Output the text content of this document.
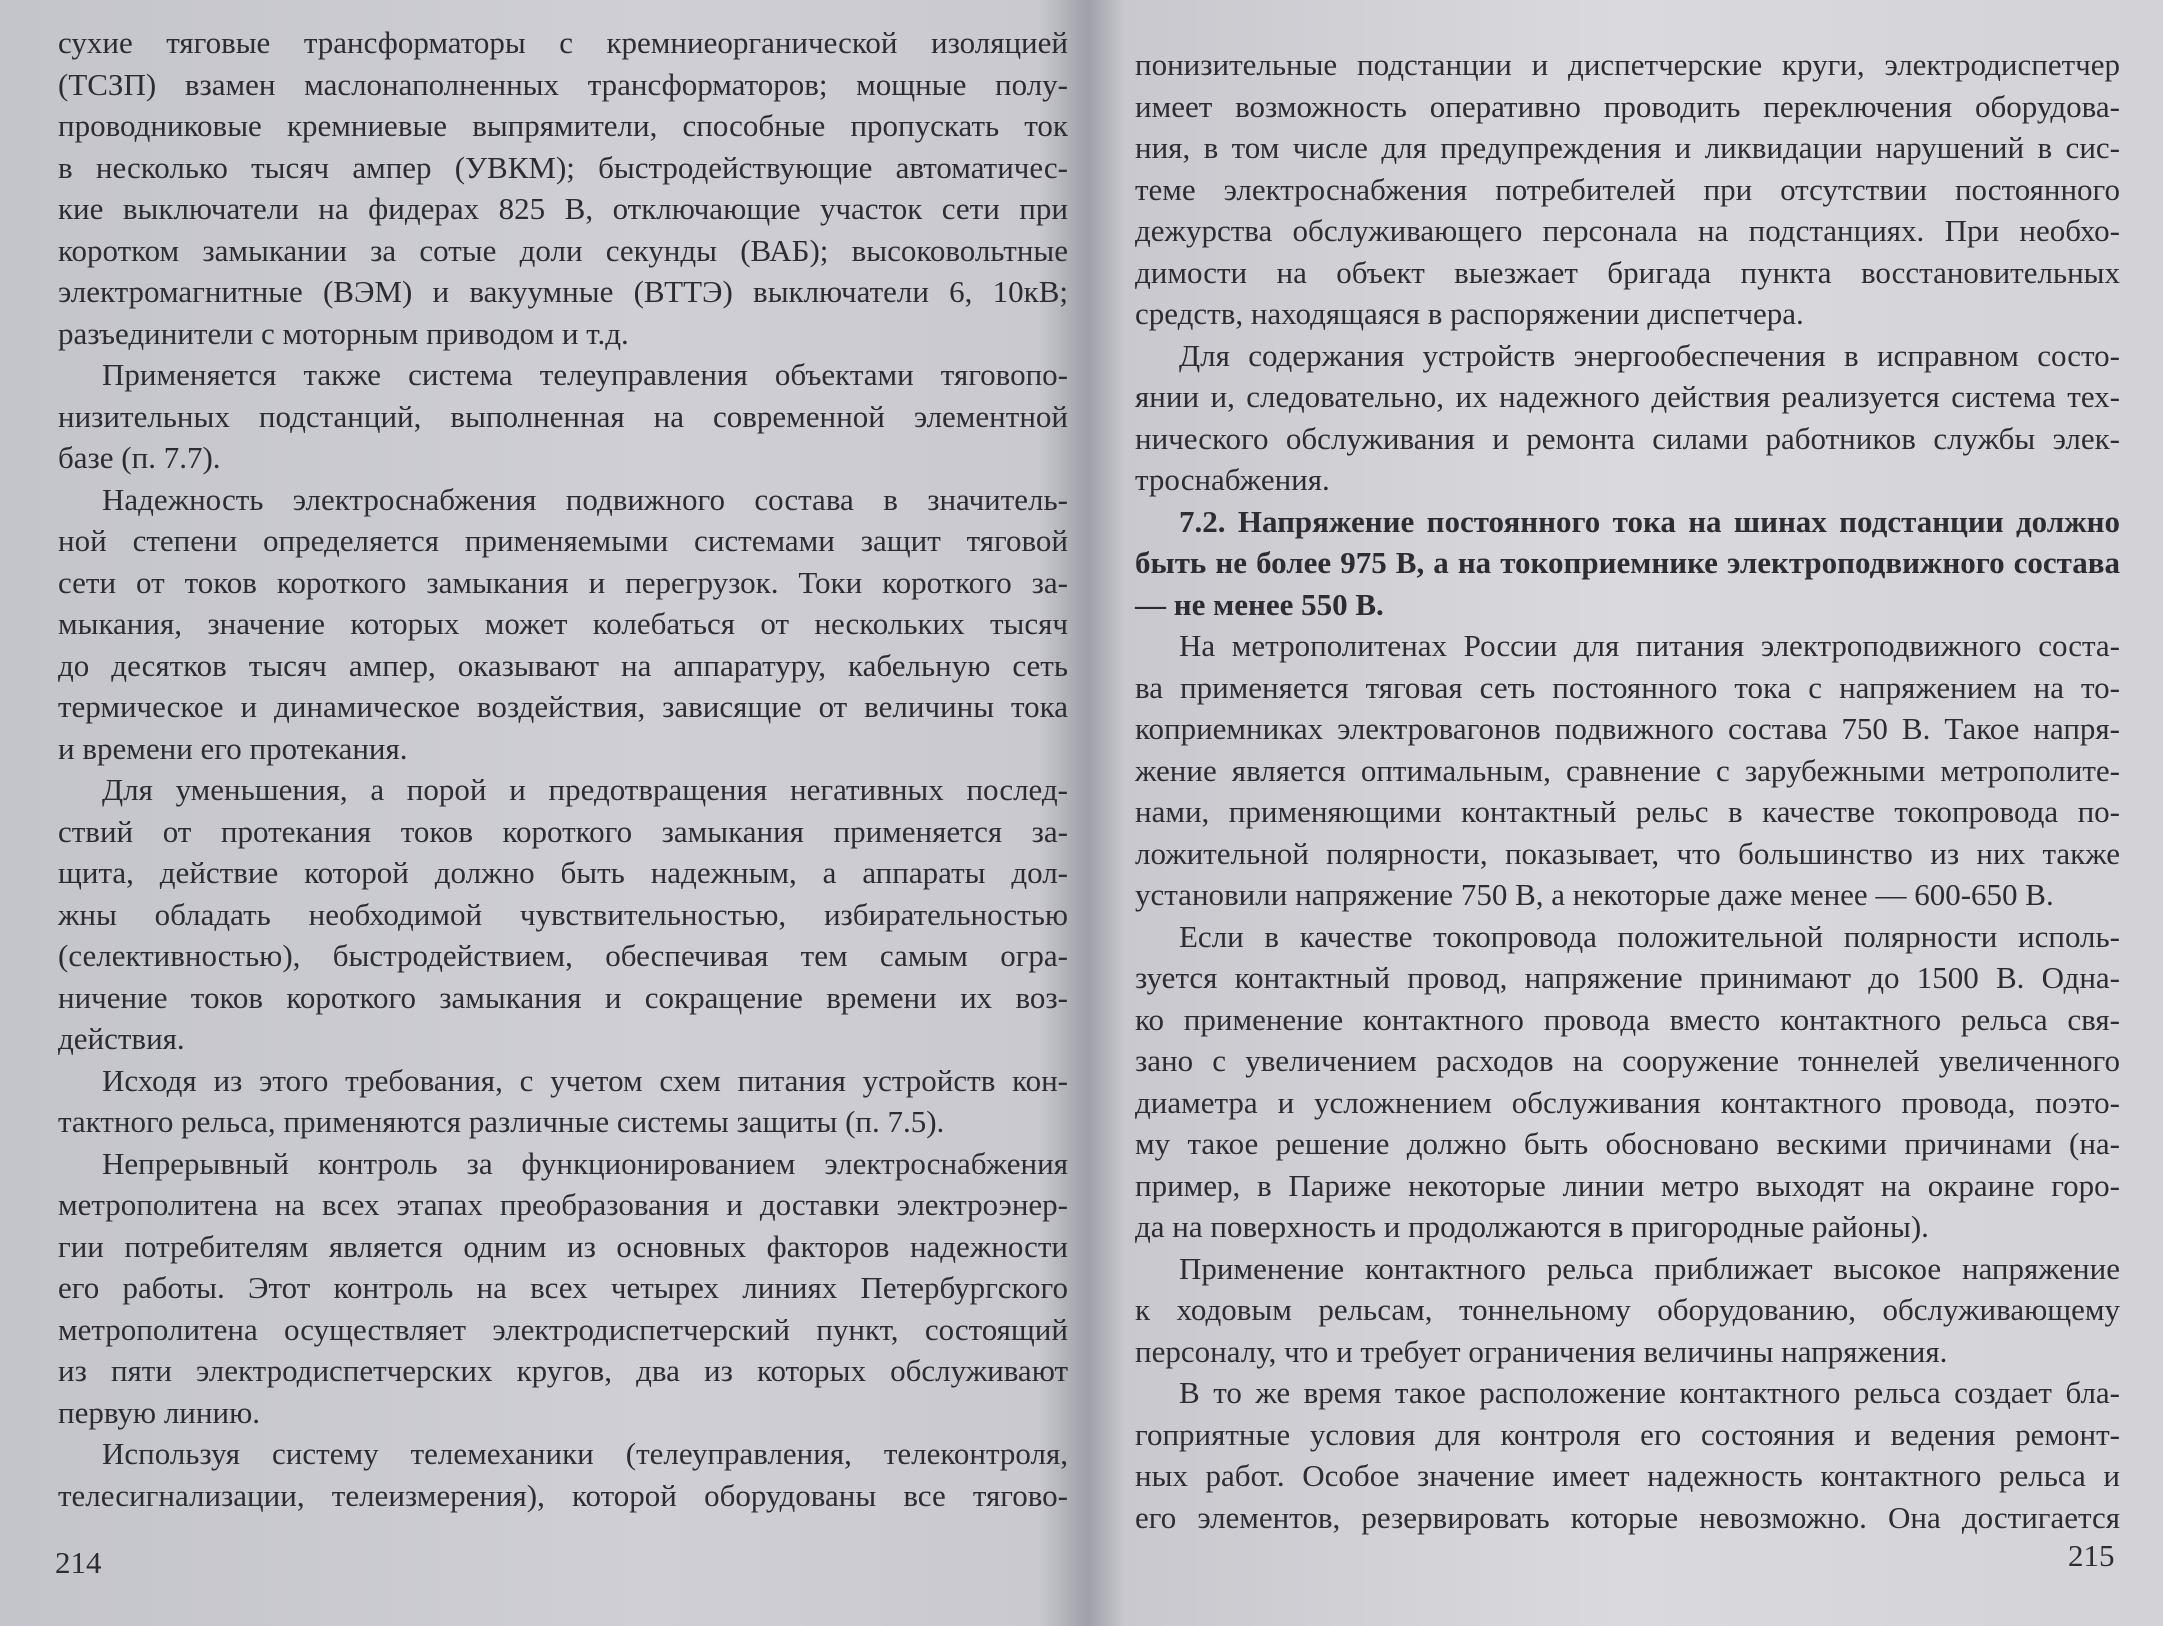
сухие тяговые трансформаторы с кремниеорганической изоляцией
(ТСЗП) взамен маслонаполненных трансформаторов; мощные полу-
проводниковые кремниевые выпрямители, способные пропускать ток
в несколько тысяч ампер (УВКМ); быстродействующие автоматичес-
кие выключатели на фидерах 825 В, отключающие участок сети при
коротком замыкании за сотые доли секунды (ВАБ); высоковольтные
электромагнитные (ВЭМ) и вакуумные (ВТТЭ) выключатели 6, 10кВ;
разъединители с моторным приводом и т.д.
Применяется также система телеуправления объектами тяговопо-
низительных подстанций, выполненная на современной элементной
базе (п. 7.7).
Надежность электроснабжения подвижного состава в значитель-
ной степени определяется применяемыми системами защит тяговой
сети от токов короткого замыкания и перегрузок. Токи короткого за-
мыкания, значение которых может колебаться от нескольких тысяч
до десятков тысяч ампер, оказывают на аппаратуру, кабельную сеть
термическое и динамическое воздействия, зависящие от величины тока
и времени его протекания.
Для уменьшения, а порой и предотвращения негативных послед-
ствий от протекания токов короткого замыкания применяется за-
щита, действие которой должно быть надежным, а аппараты дол-
жны обладать необходимой чувствительностью, избирательностью
(селективностью), быстродействием, обеспечивая тем самым огра-
ничение токов короткого замыкания и сокращение времени их воз-
действия.
Исходя из этого требования, с учетом схем питания устройств кон-
тактного рельса, применяются различные системы защиты (п. 7.5).
Непрерывный контроль за функционированием электроснабжения
метрополитена на всех этапах преобразования и доставки электроэнер-
гии потребителям является одним из основных факторов надежности
его работы. Этот контроль на всех четырех линиях Петербургского
метрополитена осуществляет электродиспетчерский пункт, состоящий
из пяти электродиспетчерских кругов, два из которых обслуживают
первую линию.
Используя систему телемеханики (телеуправления, телеконтроля,
телесигнализации, телеизмерения), которой оборудованы все тягово-
214
понизительные подстанции и диспетчерские круги, электродиспетчер
имеет возможность оперативно проводить переключения оборудова-
ния, в том числе для предупреждения и ликвидации нарушений в сис-
теме электроснабжения потребителей при отсутствии постоянного
дежурства обслуживающего персонала на подстанциях. При необхо-
димости на объект выезжает бригада пункта восстановительных
средств, находящаяся в распоряжении диспетчера.
Для содержания устройств энергообеспечения в исправном состо-
янии и, следовательно, их надежного действия реализуется система тех-
нического обслуживания и ремонта силами работников службы элек-
троснабжения.
7.2. Напряжение постоянного тока на шинах подстанции должно
быть не более 975 В, а на токоприемнике электроподвижного состава
— не менее 550 В.
На метрополитенах России для питания электроподвижного соста-
ва применяется тяговая сеть постоянного тока с напряжением на то-
коприемниках электровагонов подвижного состава 750 В. Такое напря-
жение является оптимальным, сравнение с зарубежными метрополите-
нами, применяющими контактный рельс в качестве токопровода по-
ложительной полярности, показывает, что большинство из них также
установили напряжение 750 В, а некоторые даже менее — 600-650 В.
Если в качестве токопровода положительной полярности исполь-
зуется контактный провод, напряжение принимают до 1500 В. Одна-
ко применение контактного провода вместо контактного рельса свя-
зано с увеличением расходов на сооружение тоннелей увеличенного
диаметра и усложнением обслуживания контактного провода, поэто-
му такое решение должно быть обосновано вескими причинами (на-
пример, в Париже некоторые линии метро выходят на окраине горо-
да на поверхность и продолжаются в пригородные районы).
Применение контактного рельса приближает высокое напряжение
к ходовым рельсам, тоннельному оборудованию, обслуживающему
персоналу, что и требует ограничения величины напряжения.
В то же время такое расположение контактного рельса создает бла-
гоприятные условия для контроля его состояния и ведения ремонт-
ных работ. Особое значение имеет надежность контактного рельса и
его элементов, резервировать которые невозможно. Она достигается
215
